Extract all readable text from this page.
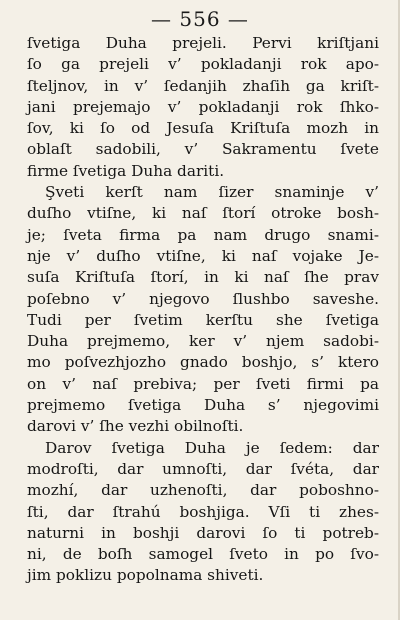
— 556 —
ſvetiga Duha prejeli. Pervi kriſtjani
ſo ga prejeli v’ pokladanji rok apo-
ſteljnov, in v’ ſedanjih zhaſih ga kriſt-
jani prejemajo v’ pokladanji rok ſhko-
ſov, ki ſo od Jesuſa Kriſtuſa mozh in
oblaſt sadobili, v’ Sakramentu ſvete
firme ſvetiga Duha dariti.
Şveti kerſt nam ſizer snaminje v’
duſho vtiſne, ki naſ ſtorí otroke bosh-
je; ſveta firma pa nam drugo snami-
nje v’ duſho vtiſne, ki naſ vojake Je-
suſa Kriſtuſa ſtorí, in ki naſ ſhe prav
poſebno v’ njegovo ſlushbo saveshe.
Tudi per ſvetim kerſtu she ſvetiga
Duha prejmemo, ker v’ njem sadobi-
mo poſvezhjozho gnado boshjo, s’ ktero
on v’ naſ prebiva; per ſveti firmi pa
prejmemo ſvetiga Duha s’ njegovimi
darovi v’ ſhe vezhi obilnoſti.
Darov ſvetiga Duha je ſedem: dar
modroſti, dar umnoſti, dar ſvéta, dar
mozhí, dar uzhenoſti, dar poboshno-
ſti, dar ſtrahú boshjiga. Vſi ti zhes-
naturni in boshji darovi ſo ti potreb-
ni, de boſh samogel ſveto in po ſvo-
jim poklizu popolnama shiveti.
